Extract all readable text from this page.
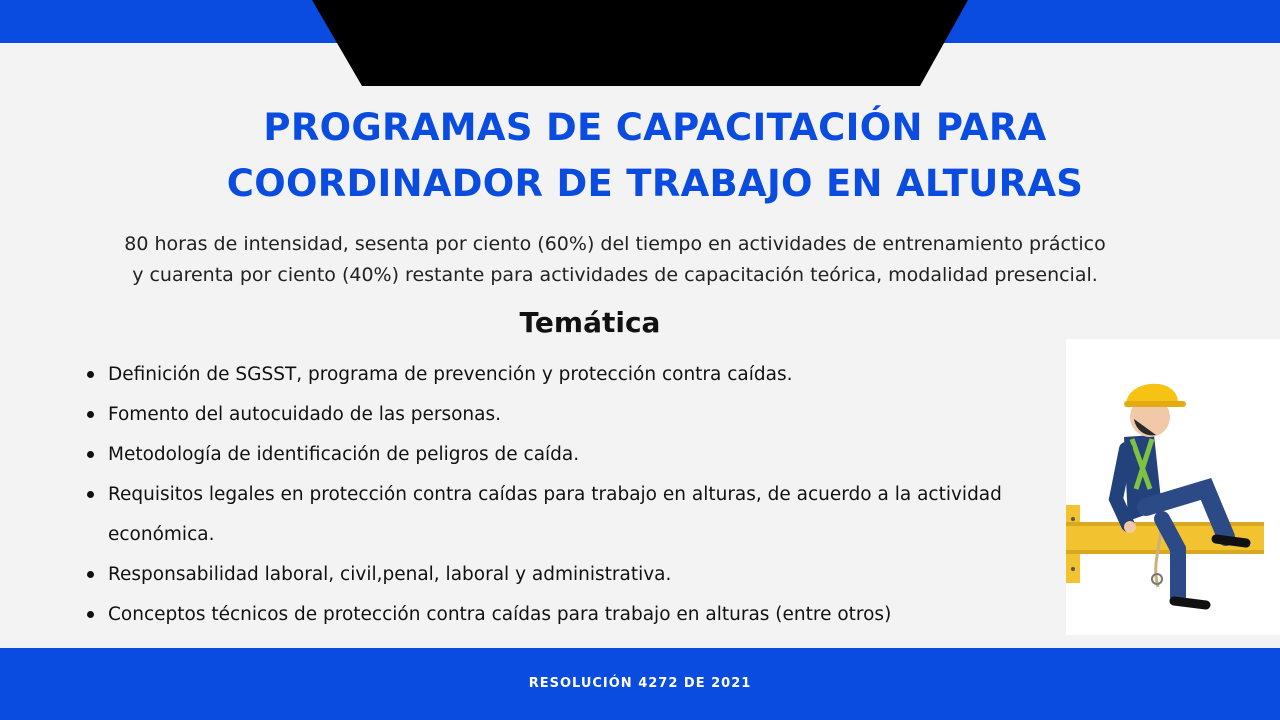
PROGRAMAS DE CAPACITACIÓN PARA
COORDINADOR DE TRABAJO EN ALTURAS
80 horas de intensidad, sesenta por ciento (60%) del tiempo en actividades de entrenamiento práctico
y cuarenta por ciento (40%) restante para actividades de capacitación teórica, modalidad presencial.
Temática
Definición de SGSST, programa de prevención y protección contra caídas.
Fomento del autocuidado de las personas.
Metodología de identificación de peligros de caída.
Requisitos legales en protección contra caídas para trabajo en alturas, de acuerdo a la actividad económica.
Responsabilidad laboral, civil,penal, laboral y administrativa.
Conceptos técnicos de protección contra caídas para trabajo en alturas (entre otros)
RESOLUCIÓN 4272 DE 2021
